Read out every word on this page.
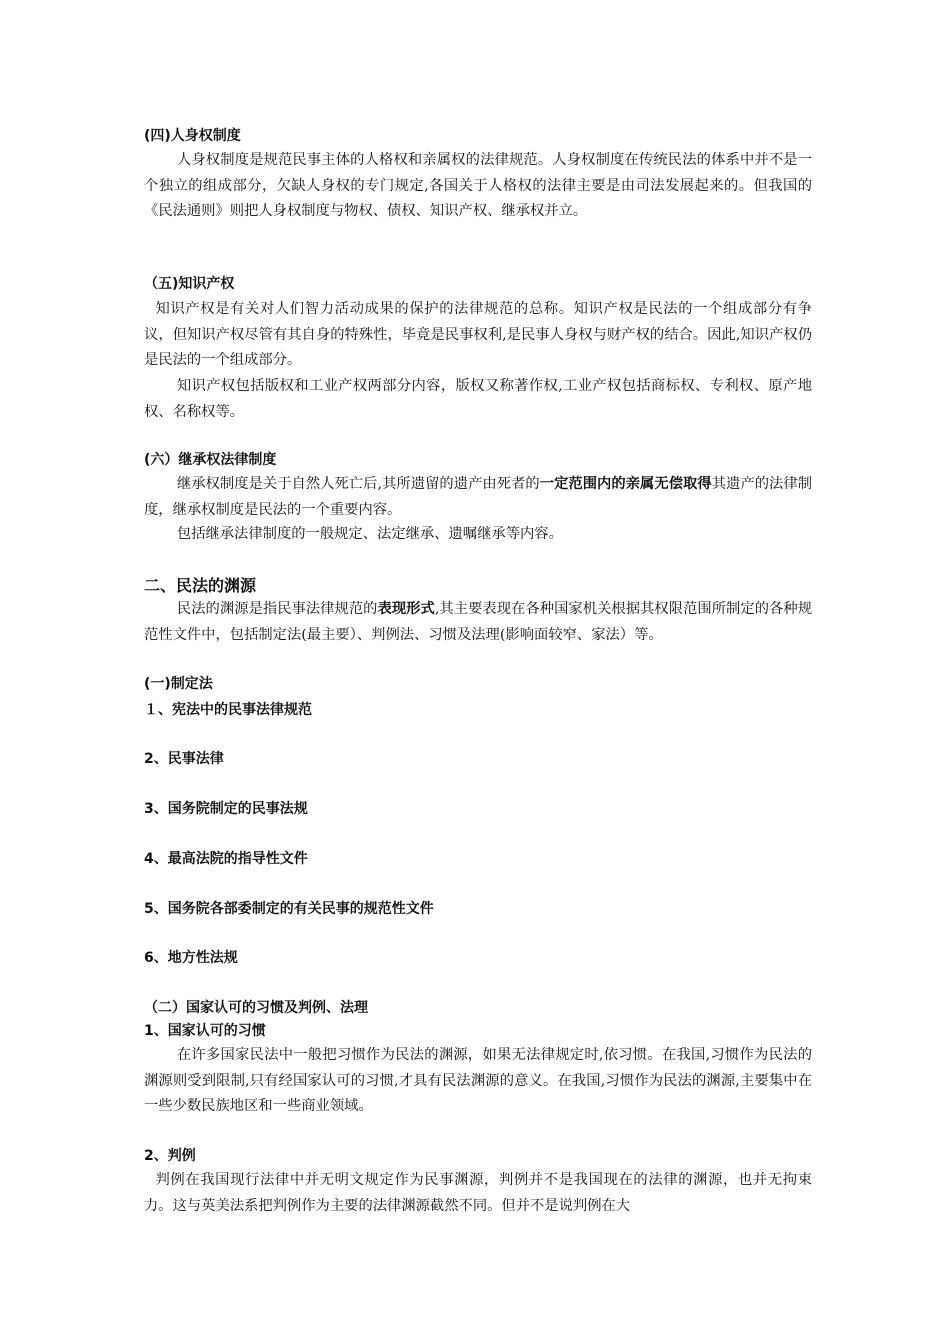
(四)人身权制度

人身权制度是规范民事主体的人格权和亲属权的法律规范。人身权制度在传统民法的体系中并不是一个独立的组成部分，欠缺人身权的专门规定,各国关于人格权的法律主要是由司法发展起来的。但我国的《民法通则》则把人身权制度与物权、债权、知识产权、继承权并立。

（五)知识产权

知识产权是有关对人们智力活动成果的保护的法律规范的总称。知识产权是民法的一个组成部分有争议，但知识产权尽管有其自身的特殊性，毕竟是民事权利,是民事人身权与财产权的结合。因此,知识产权仍是民法的一个组成部分。

知识产权包括版权和工业产权两部分内容，版权又称著作权,工业产权包括商标权、专利权、原产地权、名称权等。

(六）继承权法律制度

继承权制度是关于自然人死亡后,其所遗留的遗产由死者的一定范围内的亲属无偿取得其遗产的法律制度，继承权制度是民法的一个重要内容。

包括继承法律制度的一般规定、法定继承、遗嘱继承等内容。

二、民法的渊源

民法的渊源是指民事法律规范的表现形式,其主要表现在各种国家机关根据其权限范围所制定的各种规范性文件中，包括制定法(最主要）、判例法、习惯及法理(影响面较窄、家法）等。

(一)制定法
１、宪法中的民事法律规范
2、民事法律
3、国务院制定的民事法规
4、最高法院的指导性文件
5、国务院各部委制定的有关民事的规范性文件
6、地方性法规
（二）国家认可的习惯及判例、法理
1、国家认可的习惯

在许多国家民法中一般把习惯作为民法的渊源，如果无法律规定时,依习惯。在我国,习惯作为民法的渊源则受到限制,只有经国家认可的习惯,才具有民法渊源的意义。在我国,习惯作为民法的渊源,主要集中在一些少数民族地区和一些商业领域。

2、判例

判例在我国现行法律中并无明文规定作为民事渊源，判例并不是我国现在的法律的渊源，也并无拘束力。这与英美法系把判例作为主要的法律渊源截然不同。但并不是说判例在大
